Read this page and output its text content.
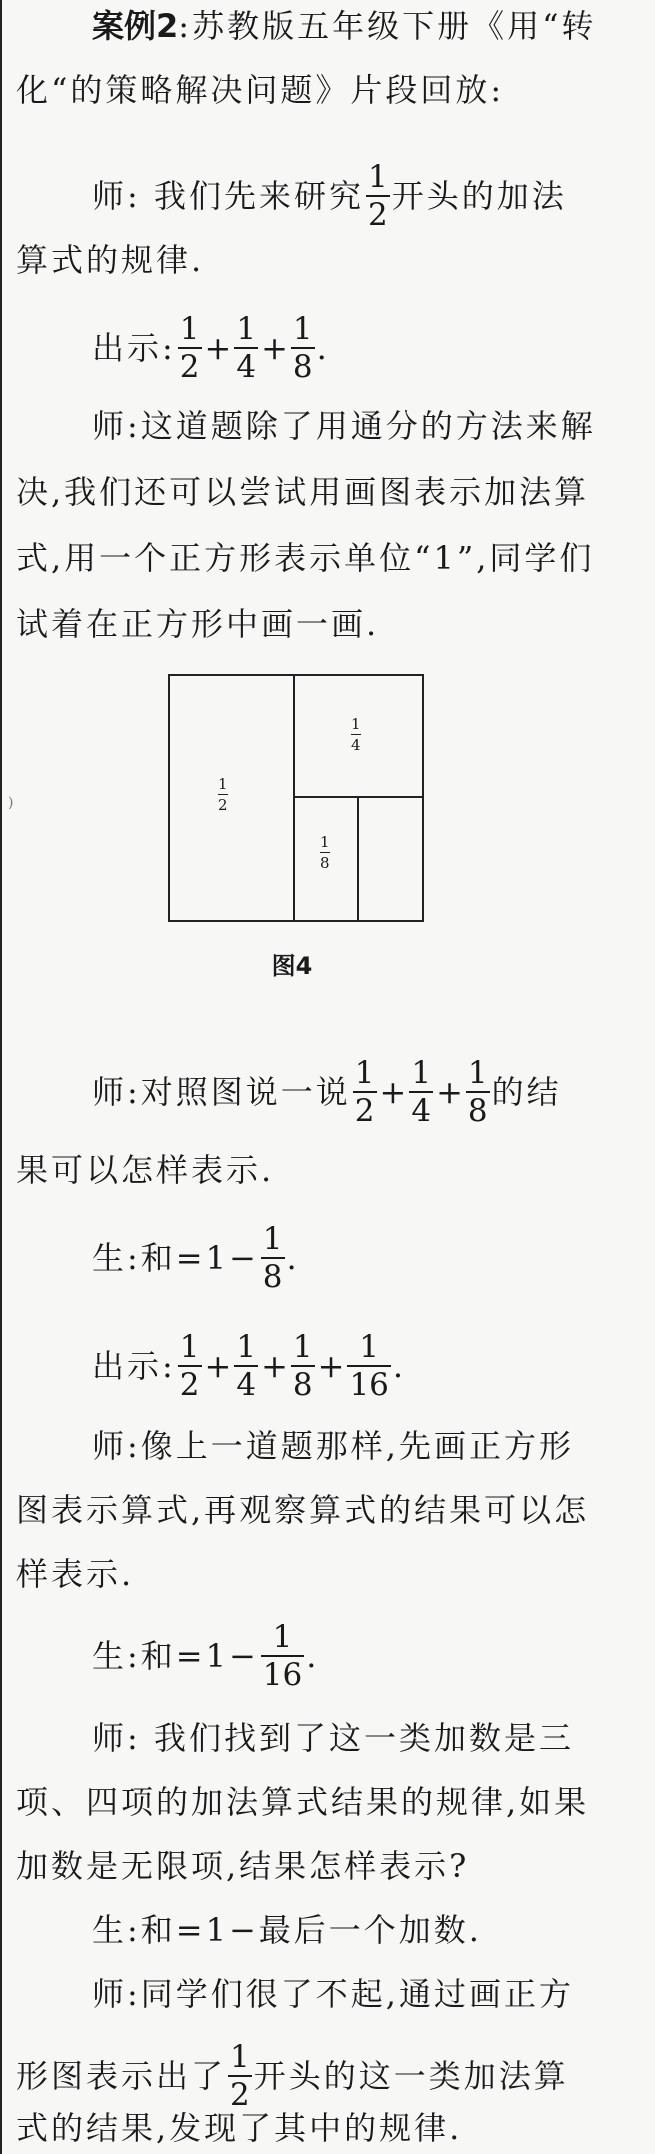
案例2:苏教版五年级下册《用“转
化“的策略解决问题》片段回放:
师: 我们先来研究 $\frac{1}{2}$ 开头的加法
算式的规律.
出示: $\frac{1}{2} + \frac{1}{4} + \frac{1}{8}$ .
师:这道题除了用通分的方法来解
决,我们还可以尝试用画图表示加法算
式,用一个正方形表示单位“1”,同学们
试着在正方形中画一画.
1
2
1
4
1
8
图4
)
师:对照图说一说 $\frac{1}{2} + \frac{1}{4} + \frac{1}{8}$ 的结
果可以怎样表示.
生:和$=1- \frac{1}{8}$ .
出示: $\frac{1}{2} + \frac{1}{4} + \frac{1}{8} + \frac{1}{16}$ .
师:像上一道题那样,先画正方形
图表示算式,再观察算式的结果可以怎
样表示.
生:和$=1- \frac{1}{16}$ .
师: 我们找到了这一类加数是三
项、四项的加法算式结果的规律,如果
加数是无限项,结果怎样表示?
生:和=1−最后一个加数.
师:同学们很了不起,通过画正方
形图表示出了 $\frac{1}{2}$ 开头的这一类加法算
式的结果,发现了其中的规律.
